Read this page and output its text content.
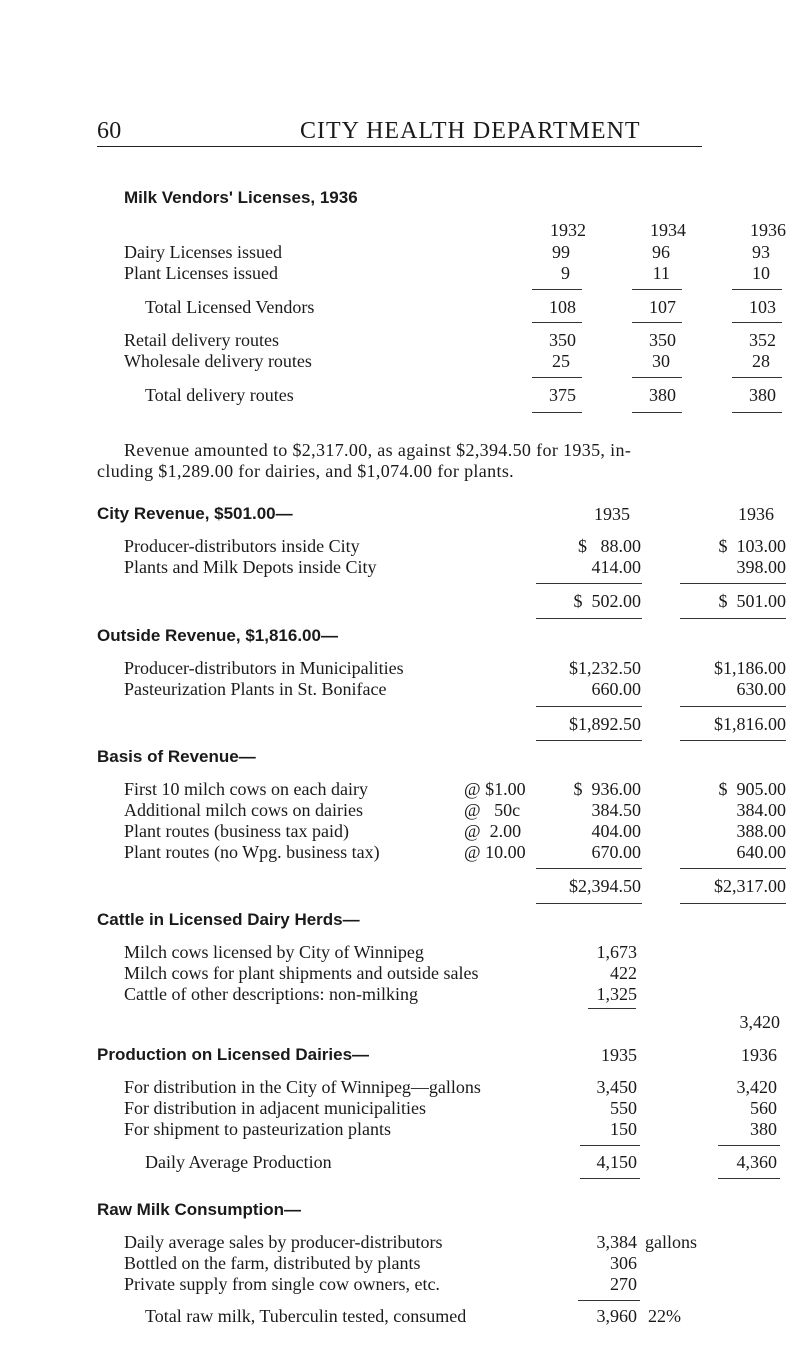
60	CITY HEALTH DEPARTMENT
Milk Vendors' Licenses, 1936
1932	1934	1936
Dairy Licenses issued	99	96	93
Plant Licenses issued	9	11	10
Total Licensed Vendors	108	107	103
Retail delivery routes	350	350	352
Wholesale delivery routes	25	30	28
Total delivery routes	375	380	380
Revenue amounted to $2,317.00, as against $2,394.50 for 1935, in-
cluding $1,289.00 for dairies, and $1,074.00 for plants.
City Revenue, $501.00—	1935	1936
Producer-distributors inside City	$   88.00	$  103.00
Plants and Milk Depots inside City	414.00	398.00
$  502.00	$  501.00
Outside Revenue, $1,816.00—
Producer-distributors in Municipalities	$1,232.50	$1,186.00
Pasteurization Plants in St. Boniface	660.00	630.00
$1,892.50	$1,816.00
Basis of Revenue—
First 10 milch cows on each dairy	@ $1.00	$  936.00	$  905.00
Additional milch cows on dairies	@   50c	384.50	384.00
Plant routes (business tax paid)	@  2.00	404.00	388.00
Plant routes (no Wpg. business tax)	@ 10.00	670.00	640.00
$2,394.50	$2,317.00
Cattle in Licensed Dairy Herds—
Milch cows licensed by City of Winnipeg	1,673
Milch cows for plant shipments and outside sales	422
Cattle of other descriptions: non-milking	1,325
3,420
Production on Licensed Dairies—	1935	1936
For distribution in the City of Winnipeg—gallons	3,450	3,420
For distribution in adjacent municipalities	550	560
For shipment to pasteurization plants	150	380
Daily Average Production	4,150	4,360
Raw Milk Consumption—
Daily average sales by producer-distributors	3,384 gallons
Bottled on the farm, distributed by plants	306
Private supply from single cow owners, etc.	270
Total raw milk, Tuberculin tested, consumed	3,960 22%
